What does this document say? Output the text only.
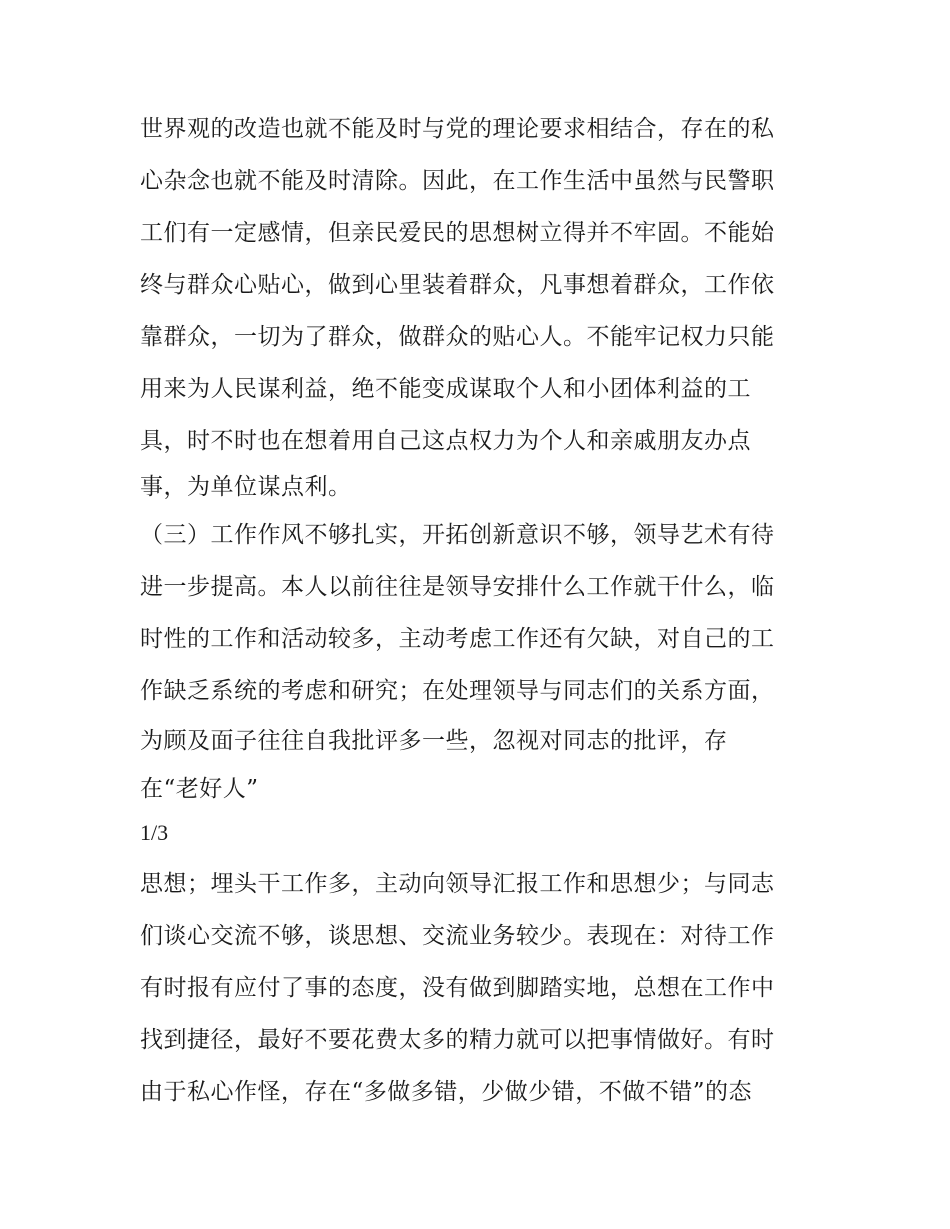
世界观的改造也就不能及时与党的理论要求相结合，存在的私

心杂念也就不能及时清除。因此，在工作生活中虽然与民警职

工们有一定感情，但亲民爱民的思想树立得并不牢固。不能始

终与群众心贴心，做到心里装着群众，凡事想着群众，工作依

靠群众，一切为了群众，做群众的贴心人。不能牢记权力只能

用来为人民谋利益，绝不能变成谋取个人和小团体利益的工

具，时不时也在想着用自己这点权力为个人和亲戚朋友办点

事，为单位谋点利。

（三）工作作风不够扎实，开拓创新意识不够，领导艺术有待

进一步提高。本人以前往往是领导安排什么工作就干什么，临

时性的工作和活动较多，主动考虑工作还有欠缺，对自己的工

作缺乏系统的考虑和研究；在处理领导与同志们的关系方面，

为顾及面子往往自我批评多一些，忽视对同志的批评，存

在“老好人”

1/3

思想；埋头干工作多，主动向领导汇报工作和思想少；与同志

们谈心交流不够，谈思想、交流业务较少。表现在：对待工作

有时报有应付了事的态度，没有做到脚踏实地，总想在工作中

找到捷径，最好不要花费太多的精力就可以把事情做好。有时

由于私心作怪，存在“多做多错，少做少错，不做不错”的态
